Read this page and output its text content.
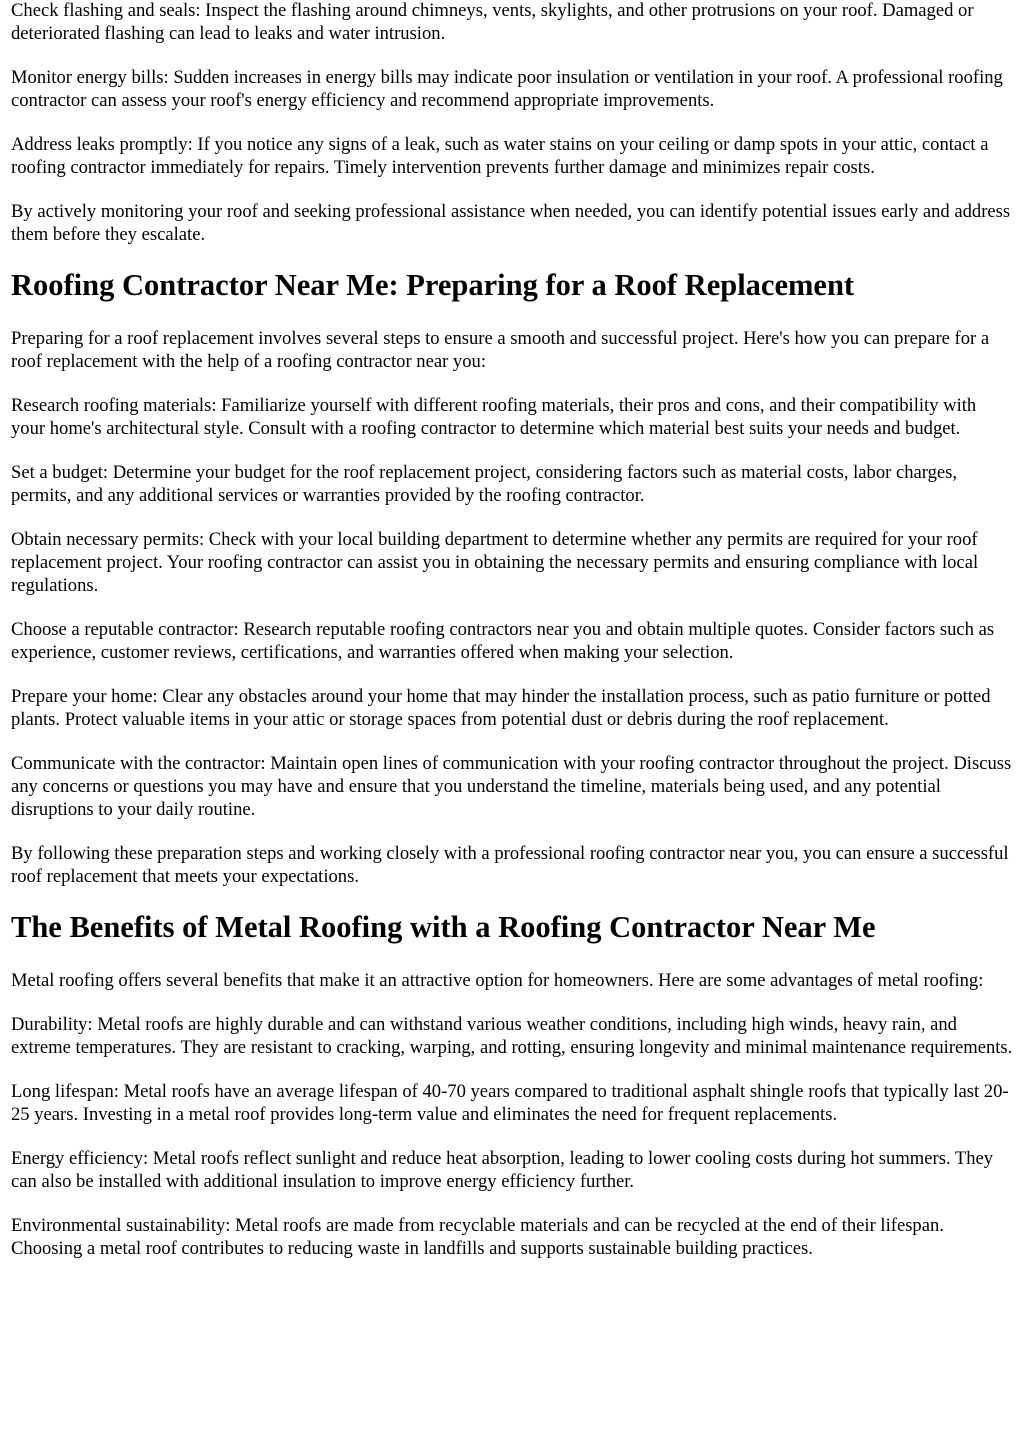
Check flashing and seals: Inspect the flashing around chimneys, vents, skylights, and other protrusions on your roof. Damaged or deteriorated flashing can lead to leaks and water intrusion.

Monitor energy bills: Sudden increases in energy bills may indicate poor insulation or ventilation in your roof. A professional roofing contractor can assess your roof's energy efficiency and recommend appropriate improvements.

Address leaks promptly: If you notice any signs of a leak, such as water stains on your ceiling or damp spots in your attic, contact a roofing contractor immediately for repairs. Timely intervention prevents further damage and minimizes repair costs.

By actively monitoring your roof and seeking professional assistance when needed, you can identify potential issues early and address them before they escalate.

Roofing Contractor Near Me: Preparing for a Roof Replacement

Preparing for a roof replacement involves several steps to ensure a smooth and successful project. Here's how you can prepare for a roof replacement with the help of a roofing contractor near you:

Research roofing materials: Familiarize yourself with different roofing materials, their pros and cons, and their compatibility with your home's architectural style. Consult with a roofing contractor to determine which material best suits your needs and budget.

Set a budget: Determine your budget for the roof replacement project, considering factors such as material costs, labor charges, permits, and any additional services or warranties provided by the roofing contractor.

Obtain necessary permits: Check with your local building department to determine whether any permits are required for your roof replacement project. Your roofing contractor can assist you in obtaining the necessary permits and ensuring compliance with local regulations.

Choose a reputable contractor: Research reputable roofing contractors near you and obtain multiple quotes. Consider factors such as experience, customer reviews, certifications, and warranties offered when making your selection.

Prepare your home: Clear any obstacles around your home that may hinder the installation process, such as patio furniture or potted plants. Protect valuable items in your attic or storage spaces from potential dust or debris during the roof replacement.

Communicate with the contractor: Maintain open lines of communication with your roofing contractor throughout the project. Discuss any concerns or questions you may have and ensure that you understand the timeline, materials being used, and any potential disruptions to your daily routine.

By following these preparation steps and working closely with a professional roofing contractor near you, you can ensure a successful roof replacement that meets your expectations.

The Benefits of Metal Roofing with a Roofing Contractor Near Me

Metal roofing offers several benefits that make it an attractive option for homeowners. Here are some advantages of metal roofing:

Durability: Metal roofs are highly durable and can withstand various weather conditions, including high winds, heavy rain, and extreme temperatures. They are resistant to cracking, warping, and rotting, ensuring longevity and minimal maintenance requirements.

Long lifespan: Metal roofs have an average lifespan of 40-70 years compared to traditional asphalt shingle roofs that typically last 20-25 years. Investing in a metal roof provides long-term value and eliminates the need for frequent replacements.

Energy efficiency: Metal roofs reflect sunlight and reduce heat absorption, leading to lower cooling costs during hot summers. They can also be installed with additional insulation to improve energy efficiency further.

Environmental sustainability: Metal roofs are made from recyclable materials and can be recycled at the end of their lifespan. Choosing a metal roof contributes to reducing waste in landfills and supports sustainable building practices.
